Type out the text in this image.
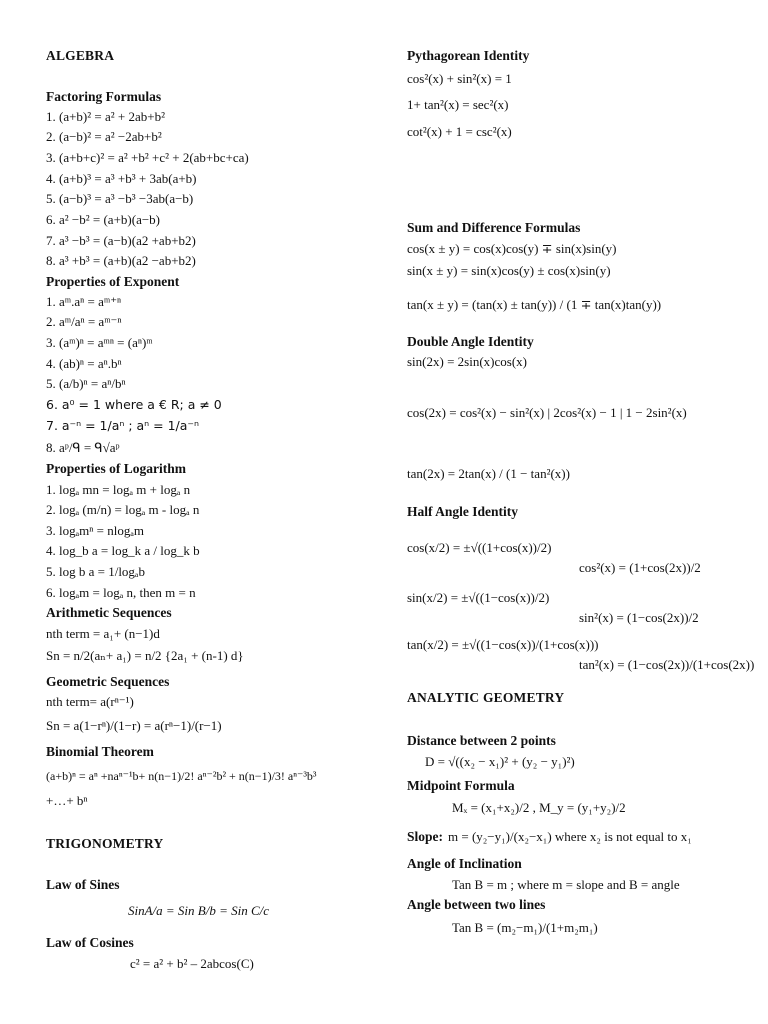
ALGEBRA
Factoring Formulas
1. (a+b)² = a² + 2ab+b²
2. (a−b)² = a² −2ab+b²
3. (a+b+c)² = a² +b² +c² + 2(ab+bc+ca)
4. (a+b)³ = a³ +b³ + 3ab(a+b)
5. (a−b)³ = a³ −b³ −3ab(a−b)
6. a² −b² = (a+b)(a−b)
7. a³ −b³ = (a−b)(a2 +ab+b2)
8. a³ +b³ = (a+b)(a2 −ab+b2)
Properties of Exponent
1. aᵐ.aⁿ = aᵐ⁺ⁿ
2. aᵐ/aⁿ = aᵐ⁻ⁿ
3. (aᵐ)ⁿ = aᵐⁿ = (aⁿ)ᵐ
4. (ab)ⁿ = aⁿ.bⁿ
5. (a/b)ⁿ = aⁿ/bⁿ
6. a⁰ = 1 where a € R; a ≠ 0
7. a⁻ⁿ = 1/aⁿ ; aⁿ = 1/a⁻ⁿ
8. aᵖ/ᑫ = ᑫ√aᵖ
Properties of Logarithm
1. logₐ mn = logₐ m + logₐ n
2. logₐ (m/n) = logₐ m - logₐ n
3. logₐmⁿ = nlogₐm
4. log_b a = log_k a / log_k b
5. log b a = 1/logₐb
6. logₐm = logₐ n, then m = n
Arithmetic Sequences
nth term = a₁+ (n−1)d
Sn = n/2(aₙ+ a₁) = n/2 {2a₁ + (n-1) d}
Geometric Sequences
nth term= a(rⁿ⁻¹)
Sn = a(1−rⁿ)/(1−r) = a(rⁿ−1)/(r−1)
Binomial Theorem
(a+b)ⁿ = aⁿ +naⁿ⁻¹b+ n(n−1)/2! aⁿ⁻²b² + n(n−1)/3! aⁿ⁻³b³
+…+ bⁿ
TRIGONOMETRY
Law of Sines
SinA/a = Sin B/b = Sin C/c
Law of Cosines
c² = a² + b² – 2abcos(C)
Pythagorean Identity
cos²(x) + sin²(x) = 1
1+ tan²(x) = sec²(x)
cot²(x) + 1 = csc²(x)
Sum and Difference Formulas
cos(x ± y) = cos(x)cos(y) ∓ sin(x)sin(y)
sin(x ± y) = sin(x)cos(y) ± cos(x)sin(y)
tan(x ± y) = (tan(x) ± tan(y)) / (1 ∓ tan(x)tan(y))
Double Angle Identity
sin(2x) = 2sin(x)cos(x)
cos(2x) = cos²(x) − sin²(x) | 2cos²(x) − 1 | 1 − 2sin²(x)
tan(2x) = 2tan(x) / (1 − tan²(x))
Half Angle Identity
cos(x/2) = ±√((1+cos(x))/2)
sin(x/2) = ±√((1−cos(x))/2)
tan(x/2) = ±√((1−cos(x))/(1+cos(x)))
cos²(x) = (1+cos(2x))/2
sin²(x) = (1−cos(2x))/2
tan²(x) = (1−cos(2x))/(1+cos(2x))
ANALYTIC GEOMETRY
Distance between 2 points
D = √((x₂ − x₁)² + (y₂ − y₁)²)
Midpoint Formula
Mₓ = (x₁+x₂)/2 , M_y = (y₁+y₂)/2
Slope: m = (y₂−y₁)/(x₂−x₁) where x₂ is not equal to x₁
Angle of Inclination
Tan B = m ; where m = slope and B = angle
Angle between two lines
Tan B = (m₂−m₁)/(1+m₂m₁)
